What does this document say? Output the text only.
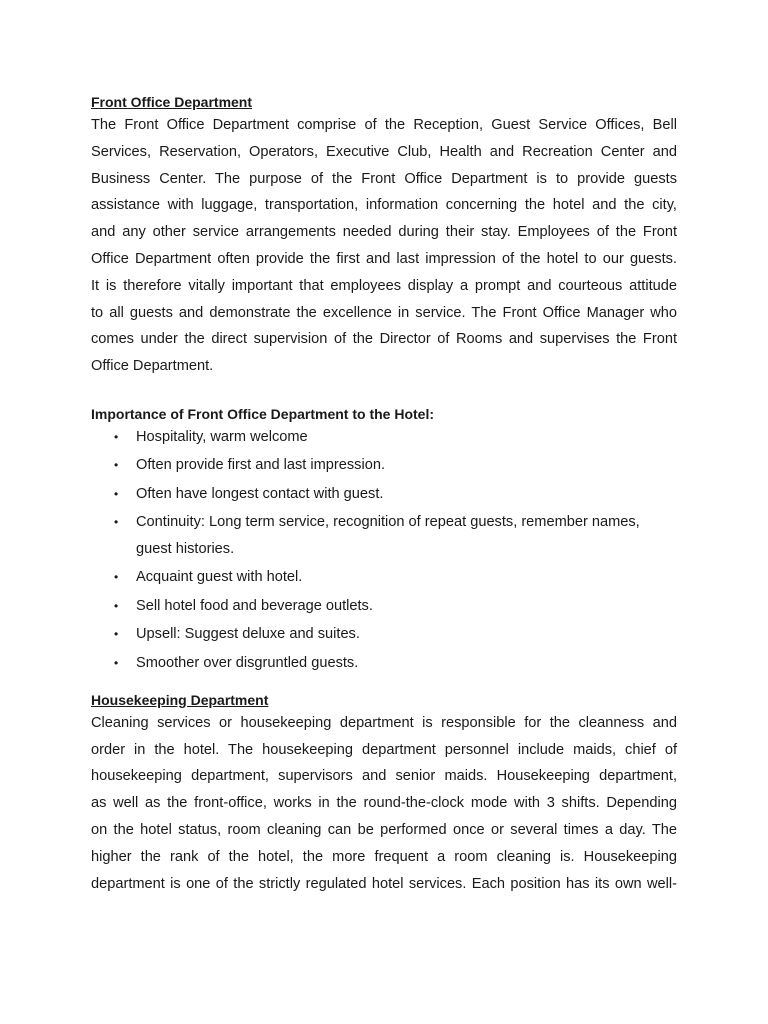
Front Office Department
The Front Office Department comprise of the Reception, Guest Service Offices, Bell
Services, Reservation, Operators, Executive Club, Health and Recreation Center and
Business Center. The purpose of the Front Office Department is to provide guests
assistance with luggage, transportation, information concerning the hotel and the city,
and any other service arrangements needed during their stay. Employees of the Front
Office Department often provide the first and last impression of the hotel to our guests.
It is therefore vitally important that employees display a prompt and courteous attitude
to all guests and demonstrate the excellence in service. The Front Office Manager who
comes under the direct supervision of the Director of Rooms and supervises the Front
Office Department.
Importance of Front Office Department to the Hotel:
• Hospitality, warm welcome
• Often provide first and last impression.
• Often have longest contact with guest.
• Continuity: Long term service, recognition of repeat guests, remember names,
guest histories.
• Acquaint guest with hotel.
• Sell hotel food and beverage outlets.
• Upsell: Suggest deluxe and suites.
• Smoother over disgruntled guests.
Housekeeping Department
Cleaning services or housekeeping department is responsible for the cleanness and
order in the hotel. The housekeeping department personnel include maids, chief of
housekeeping department, supervisors and senior maids. Housekeeping department,
as well as the front-office, works in the round-the-clock mode with 3 shifts. Depending
on the hotel status, room cleaning can be performed once or several times a day. The
higher the rank of the hotel, the more frequent a room cleaning is. Housekeeping
department is one of the strictly regulated hotel services. Each position has its own well-
